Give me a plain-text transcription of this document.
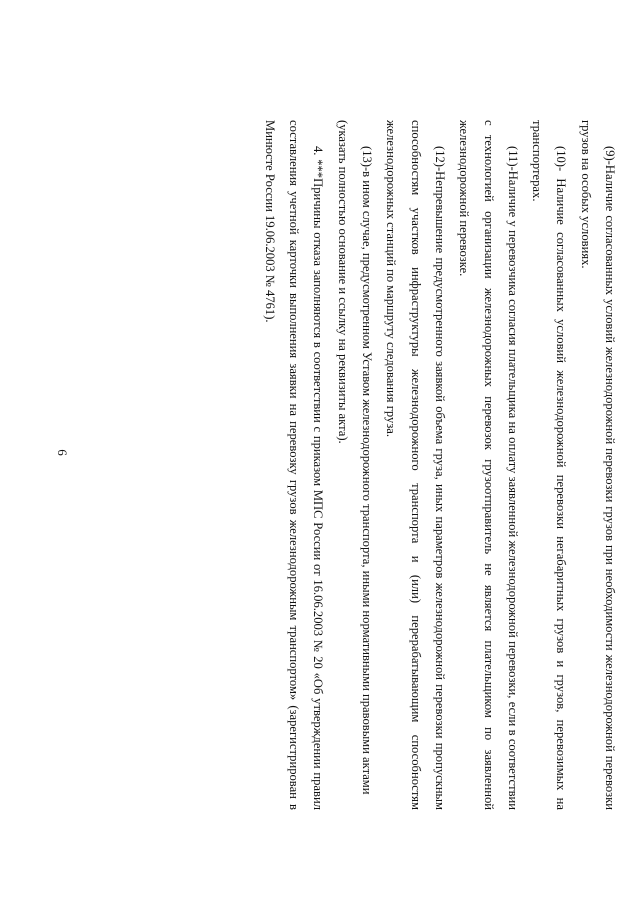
6	(9)-Наличие согласованных условий железнодорожной перевозки грузов при необходимости железнодорожной перевозки грузов на особых условиях.

(10)- Наличие согласованных условий железнодорожной перевозки негабаритных грузов и грузов, перевозимых на транспортерах.

(11)-Наличие у перевозчика согласия плательщика на оплату заявленной железнодорожной перевозки, если в соответствии с технологией организации железнодорожных перевозок грузоотправитель не является плательщиком по заявленной железнодорожной перевозке.

(12)-Непревышение предусмотренного заявкой объема груза, иных параметров железнодорожной перевозки пропускным способностям участков инфраструктуры железнодорожного транспорта и (или) перерабатывающим способностям железнодорожных станций по маршруту следования груза.

(13)-в ином случае, предусмотренном Уставом железнодорожного транспорта, иными нормативными правовыми актами

(указать полностью основание и ссылку на реквизиты акта).

4. ***Причины отказа заполняются в соответствии с приказом МПС России от 16.06.2003 № 20 «Об утверждении правил составления учетной карточки выполнения заявки на перевозку грузов железнодорожным транспортом» (зарегистрирован в Минюсте России 19.06.2003 № 4761).
